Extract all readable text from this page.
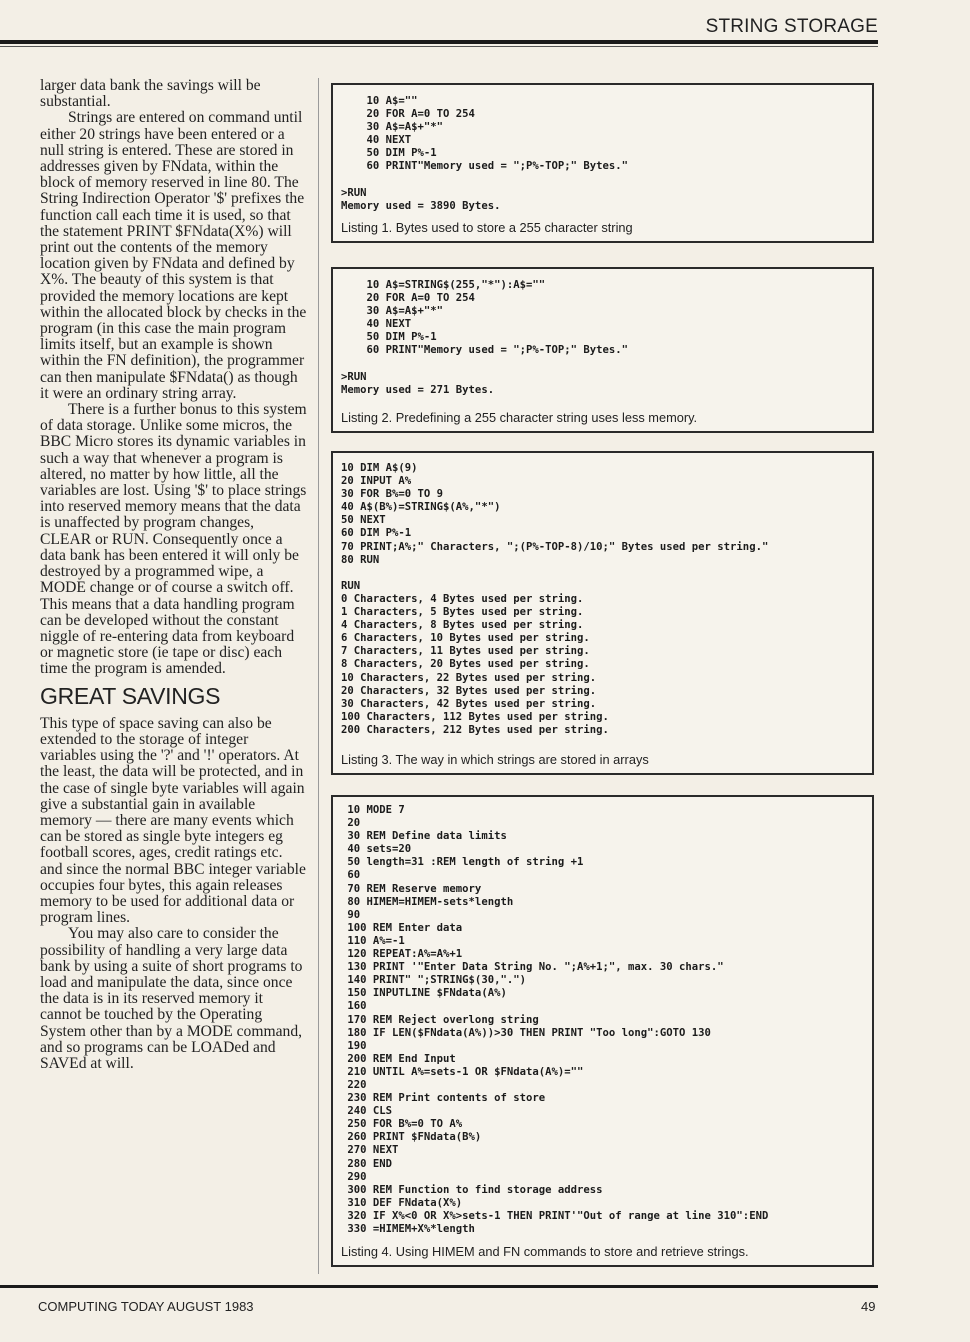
STRING STORAGE

larger data bank the savings will be substantial.

Strings are entered on command until either 20 strings have been entered or a null string is entered. These are stored in addresses given by FNdata, within the block of memory reserved in line 80. The String Indirection Operator '$' prefixes the function call each time it is used, so that the statement PRINT $FNdata(X%) will print out the contents of the memory location given by FNdata and defined by X%. The beauty of this system is that provided the memory locations are kept within the allocated block by checks in the program (in this case the main program limits itself, but an example is shown within the FN definition), the programmer can then manipulate $FNdata() as though it were an ordinary string array.

There is a further bonus to this system of data storage. Unlike some micros, the BBC Micro stores its dynamic variables in such a way that whenever a program is altered, no matter by how little, all the variables are lost. Using '$' to place strings into reserved memory means that the data is unaffected by program changes, CLEAR or RUN. Consequently once a data bank has been entered it will only be destroyed by a programmed wipe, a MODE change or of course a switch off. This means that a data handling program can be developed without the constant niggle of re-entering data from keyboard or magnetic store (ie tape or disc) each time the program is amended.

GREAT SAVINGS

This type of space saving can also be extended to the storage of integer variables using the '?' and '!' operators. At the least, the data will be protected, and in the case of single byte variables will again give a substantial gain in available memory — there are many events which can be stored as single byte integers eg football scores, ages, credit ratings etc. and since the normal BBC integer variable occupies four bytes, this again releases memory to be used for additional data or program lines.

You may also care to consider the possibility of handling a very large data bank by using a suite of short programs to load and manipulate the data, since once the data is in its reserved memory it cannot be touched by the Operating System other than by a MODE command, and so programs can be LOADed and SAVEd at will.

10 A$=""
20 FOR A=0 TO 254
30 A$=A$+"*"
40 NEXT
50 DIM P%-1
60 PRINT"Memory used = ";P%-TOP;" Bytes."

>RUN
Memory used = 3890 Bytes.
Listing 1. Bytes used to store a 255 character string
10 A$=STRING$(255,"*"):A$=""
20 FOR A=0 TO 254
30 A$=A$+"*"
40 NEXT
50 DIM P%-1
60 PRINT"Memory used = ";P%-TOP;" Bytes."

>RUN
Memory used = 271 Bytes.
Listing 2. Predefining a 255 character string uses less memory.
10 DIM A$(9)
20 INPUT A%
30 FOR B%=0 TO 9
40 A$(B%)=STRING$(A%,"*")
50 NEXT
60 DIM P%-1
70 PRINT;A%;" Characters, ";(P%-TOP-8)/10;" Bytes used per string."
80 RUN

RUN
0 Characters, 4 Bytes used per string.
1 Characters, 5 Bytes used per string.
4 Characters, 8 Bytes used per string.
6 Characters, 10 Bytes used per string.
7 Characters, 11 Bytes used per string.
8 Characters, 20 Bytes used per string.
10 Characters, 22 Bytes used per string.
20 Characters, 32 Bytes used per string.
30 Characters, 42 Bytes used per string.
100 Characters, 112 Bytes used per string.
200 Characters, 212 Bytes used per string.
Listing 3. The way in which strings are stored in arrays
10 MODE 7
20
30 REM Define data limits
40 sets=20
50 length=31 :REM length of string +1
60
70 REM Reserve memory
80 HIMEM=HIMEM-sets*length
90
100 REM Enter data
110 A%=-1
120 REPEAT:A%=A%+1
130 PRINT '"Enter Data String No. ";A%+1;", max. 30 chars."
140 PRINT" ";STRING$(30,".")
150 INPUTLINE $FNdata(A%)
160
170 REM Reject overlong string
180 IF LEN($FNdata(A%))>30 THEN PRINT "Too long":GOTO 130
190
200 REM End Input
210 UNTIL A%=sets-1 OR $FNdata(A%)=""
220
230 REM Print contents of store
240 CLS
250 FOR B%=0 TO A%
260 PRINT $FNdata(B%)
270 NEXT
280 END
290
300 REM Function to find storage address
310 DEF FNdata(X%)
320 IF X%<0 OR X%>sets-1 THEN PRINT'"Out of range at line 310":END
330 =HIMEM+X%*length
Listing 4. Using HIMEM and FN commands to store and retrieve strings.
COMPUTING TODAY AUGUST 1983	49
